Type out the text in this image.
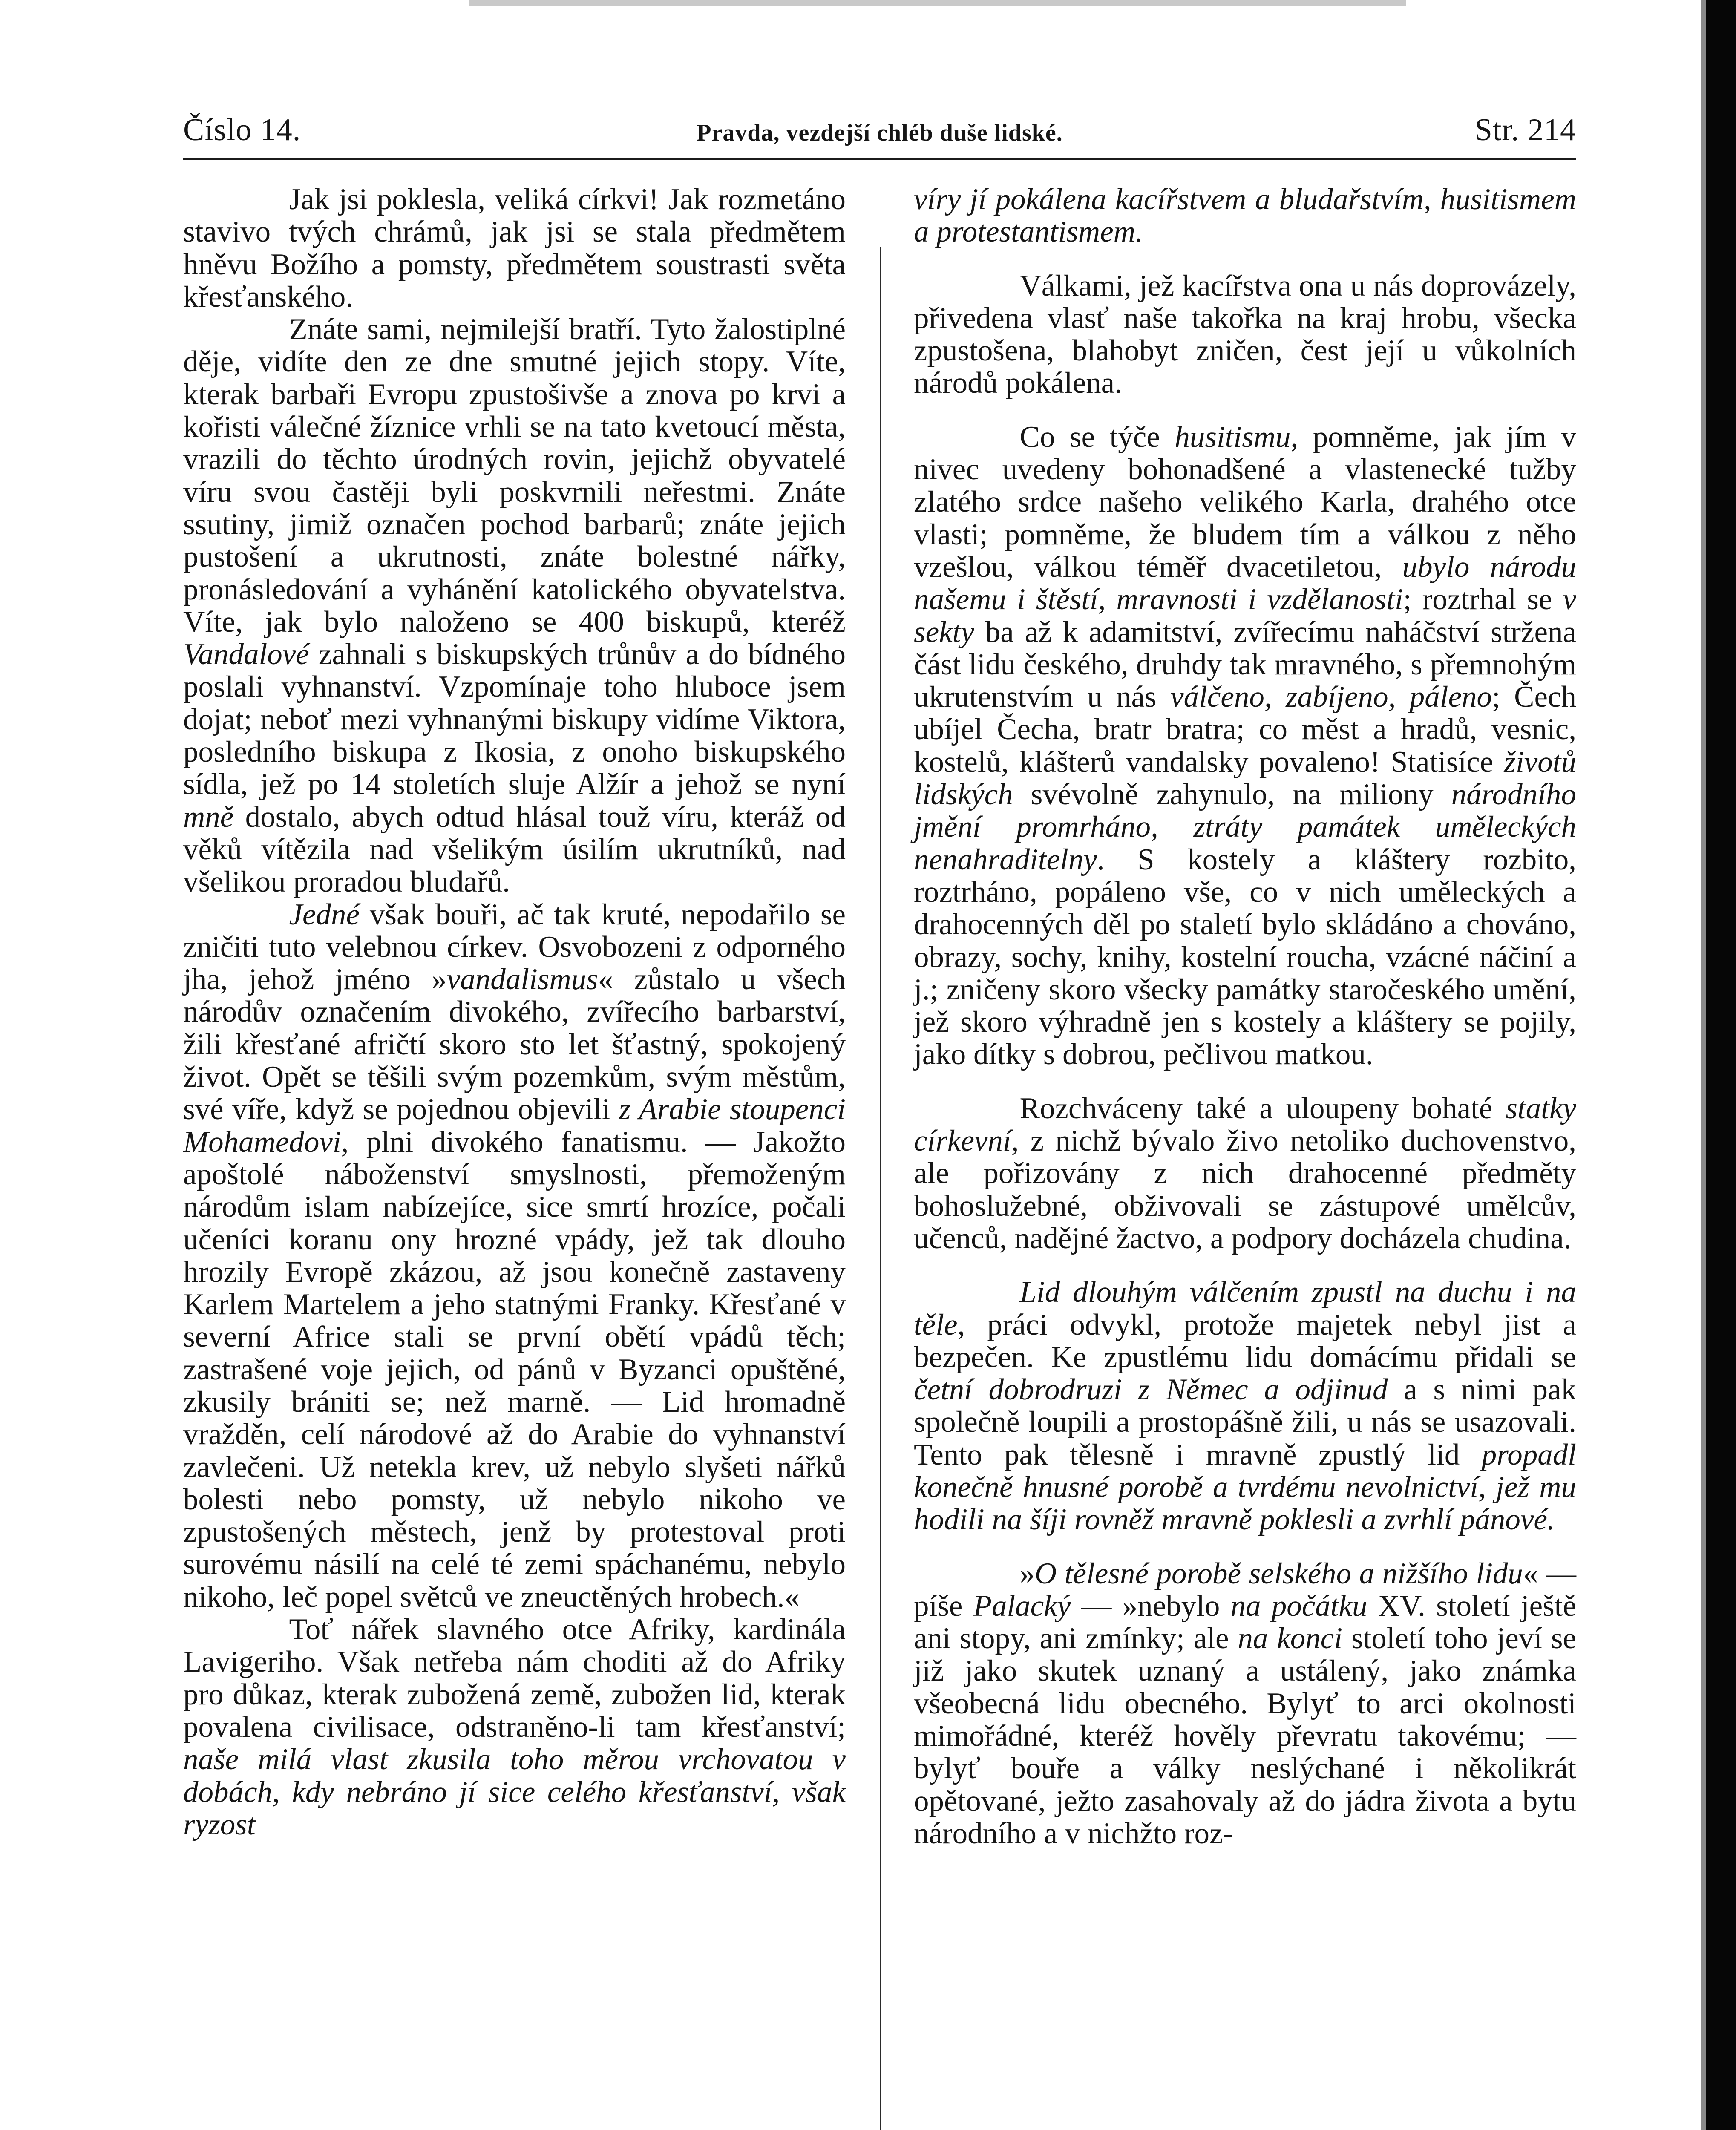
Číslo 14.	Pravda, vezdejší chléb duše lidské.	Str. 214

Jak jsi poklesla, veliká církvi! Jak rozmetáno stavivo tvých chrámů, jak jsi se stala předmětem hněvu Božího a pomsty, předmětem soustrasti světa křesťanského.

Znáte sami, nejmilejší bratří. Tyto žalostiplné děje, vidíte den ze dne smutné jejich stopy. Víte, kterak barbaři Evropu zpustošivše a znova po krvi a kořisti válečné žíznice vrhli se na tato kvetoucí města, vrazili do těchto úrodných rovin, jejichž obyvatelé víru svou častěji byli poskvrnili neřestmi. Znáte ssutiny, jimiž označen pochod barbarů; znáte jejich pustošení a ukrutnosti, znáte bolestné nářky, pronásledování a vyhánění katolického obyvatelstva. Víte, jak bylo naloženo se 400 biskupů, kteréž Vandalové zahnali s biskupských trůnův a do bídného poslali vyhnanství. Vzpomínaje toho hluboce jsem dojat; neboť mezi vyhnanými biskupy vidíme Viktora, posledního biskupa z Ikosia, z onoho biskupského sídla, jež po 14 stoletích sluje Alžír a jehož se nyní mně dostalo, abych odtud hlásal touž víru, kteráž od věků vítězila nad všelikým úsilím ukrutníků, nad všelikou proradou bludařů.

Jedné však bouři, ač tak kruté, nepodařilo se zničiti tuto velebnou církev. Osvobozeni z odporného jha, jehož jméno »vandalismus« zůstalo u všech národův označením divokého, zvířecího barbarství, žili křesťané afričtí skoro sto let šťastný, spokojený život. Opět se těšili svým pozemkům, svým městům, své víře, když se pojednou objevili z Arabie stoupenci Mohamedovi, plni divokého fanatismu. — Jakožto apoštolé náboženství smyslnosti, přemoženým národům islam nabízejíce, sice smrtí hrozíce, počali učeníci koranu ony hrozné vpády, jež tak dlouho hrozily Evropě zkázou, až jsou konečně zastaveny Karlem Martelem a jeho statnými Franky. Křesťané v severní Africe stali se první obětí vpádů těch; zastrašené voje jejich, od pánů v Byzanci opuštěné, zkusily brániti se; než marně. — Lid hromadně vražděn, celí národové až do Arabie do vyhnanství zavlečeni. Už netekla krev, už nebylo slyšeti nářků bolesti nebo pomsty, už nebylo nikoho ve zpustošených městech, jenž by protestoval proti surovému násilí na celé té zemi spáchanému, nebylo nikoho, leč popel světců ve zneuctěných hrobech.«

Toť nářek slavného otce Afriky, kardinála Lavigeriho. Však netřeba nám choditi až do Afriky pro důkaz, kterak zubožená země, zubožen lid, kterak povalena civilisace, odstraněno-li tam křesťanství; naše milá vlast zkusila toho měrou vrchovatou v dobách, kdy nebráno jí sice celého křesťanství, však ryzost

víry jí pokálena kacířstvem a bludařstvím, husitismem a protestantismem.

Válkami, jež kacířstva ona u nás doprovázely, přivedena vlasť naše takořka na kraj hrobu, všecka zpustošena, blahobyt zničen, čest její u vůkolních národů pokálena.

Co se týče husitismu, pomněme, jak jím v nivec uvedeny bohonadšené a vlastenecké tužby zlatého srdce našeho velikého Karla, drahého otce vlasti; pomněme, že bludem tím a válkou z něho vzešlou, válkou téměř dvacetiletou, ubylo národu našemu i štěstí, mravnosti i vzdělanosti; roztrhal se v sekty ba až k adamitství, zvířecímu naháčství stržena část lidu českého, druhdy tak mravného, s přemnohým ukrutenstvím u nás válčeno, zabíjeno, páleno; Čech ubíjel Čecha, bratr bratra; co měst a hradů, vesnic, kostelů, klášterů vandalsky povaleno! Statisíce životů lidských svévolně zahynulo, na miliony národního jmění promrháno, ztráty památek uměleckých nenahraditelny. S kostely a kláštery rozbito, roztrháno, popáleno vše, co v nich uměleckých a drahocenných děl po staletí bylo skládáno a chováno, obrazy, sochy, knihy, kostelní roucha, vzácné náčiní a j.; zničeny skoro všecky památky staročeského umění, jež skoro výhradně jen s kostely a kláštery se pojily, jako dítky s dobrou, pečlivou matkou.

Rozchváceny také a uloupeny bohaté statky církevní, z nichž bývalo živo netoliko duchovenstvo, ale pořizovány z nich drahocenné předměty bohoslužebné, obživovali se zástupové umělcův, učenců, nadějné žactvo, a podpory docházela chudina.

Lid dlouhým válčením zpustl na duchu i na těle, práci odvykl, protože majetek nebyl jist a bezpečen. Ke zpustlému lidu domácímu přidali se četní dobrodruzi z Němec a odjinud a s nimi pak společně loupili a prostopášně žili, u nás se usazovali. Tento pak tělesně i mravně zpustlý lid propadl konečně hnusné porobě a tvrdému nevolnictví, jež mu hodili na šíji rovněž mravně poklesli a zvrhlí pánové.

»O tělesné porobě selského a nižšího lidu« — píše Palacký — »nebylo na počátku XV. století ještě ani stopy, ani zmínky; ale na konci století toho jeví se již jako skutek uznaný a ustálený, jako známka všeobecná lidu obecného. Bylyť to arci okolnosti mimořádné, kteréž hověly převratu takovému; — bylyť bouře a války neslýchané i několikrát opětované, ježto zasahovaly až do jádra života a bytu národního a v nichžto roz-
